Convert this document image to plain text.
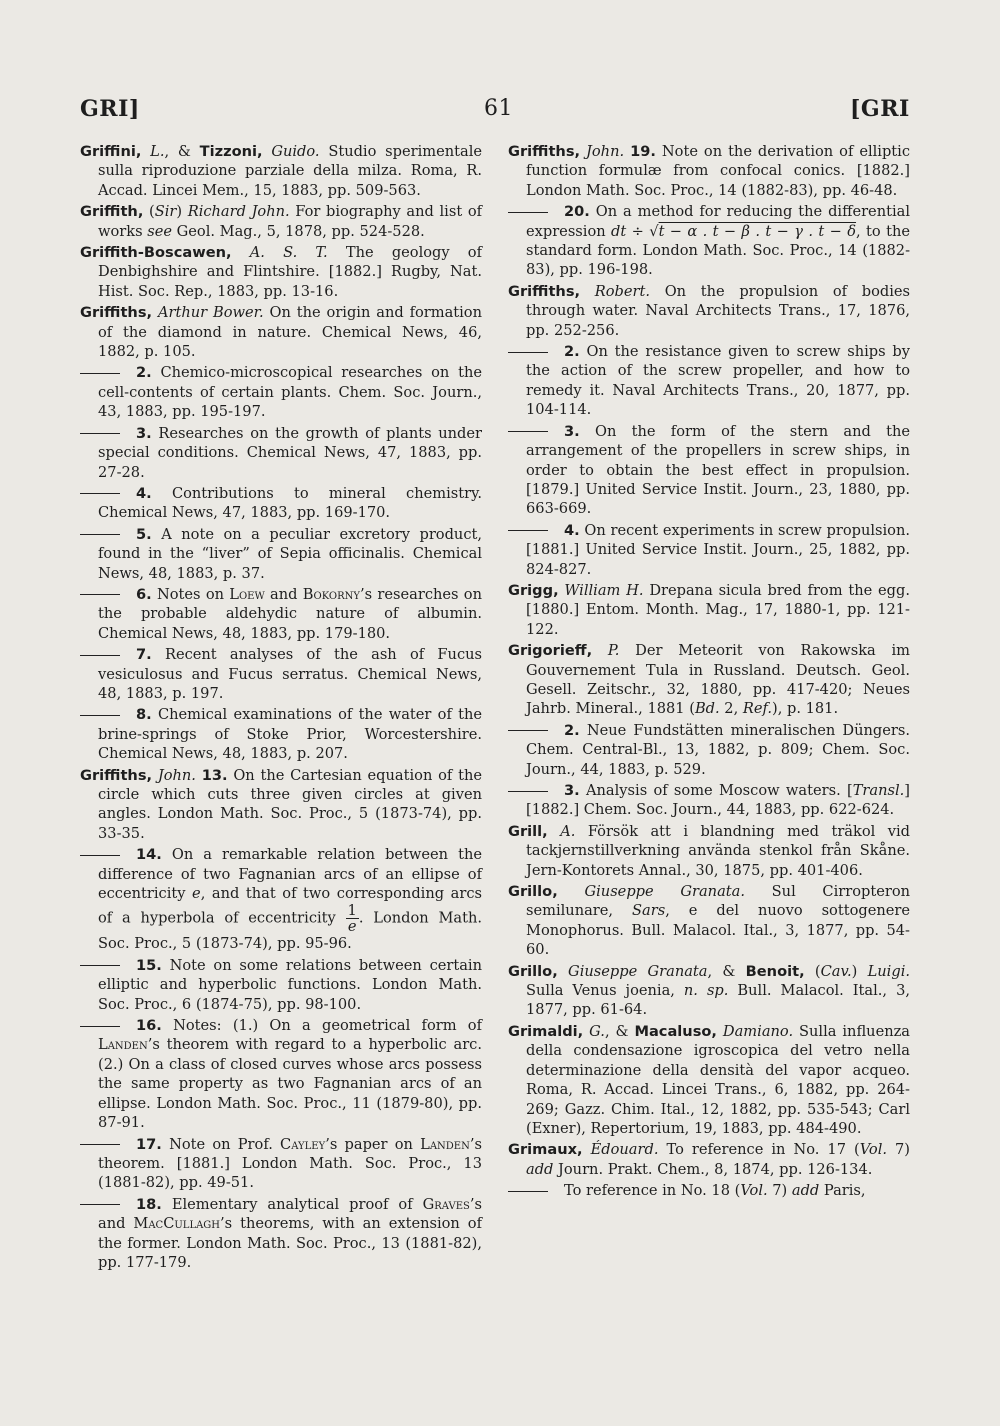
GRI]	61	[GRI

Griffini, L., & Tizzoni, Guido. Studio sperimentale sulla riproduzione parziale della milza. Roma, R. Accad. Lincei Mem., 15, 1883, pp. 509-563.

Griffith, (Sir) Richard John. For biography and list of works see Geol. Mag., 5, 1878, pp. 524-528.

Griffith-Boscawen, A. S. T. The geology of Denbighshire and Flintshire. [1882.] Rugby, Nat. Hist. Soc. Rep., 1883, pp. 13-16.

Griffiths, Arthur Bower. On the origin and formation of the diamond in nature. Chemical News, 46, 1882, p. 105.

2. Chemico-microscopical researches on the cell-contents of certain plants. Chem. Soc. Journ., 43, 1883, pp. 195-197.

3. Researches on the growth of plants under special conditions. Chemical News, 47, 1883, pp. 27-28.

4. Contributions to mineral chemistry. Chemical News, 47, 1883, pp. 169-170.

5. A note on a peculiar excretory product, found in the “liver” of Sepia officinalis. Chemical News, 48, 1883, p. 37.

6. Notes on Loew and Bokorny’s researches on the probable aldehydic nature of albumin. Chemical News, 48, 1883, pp. 179-180.

7. Recent analyses of the ash of Fucus vesiculosus and Fucus serratus. Chemical News, 48, 1883, p. 197.

8. Chemical examinations of the water of the brine-springs of Stoke Prior, Worcestershire. Chemical News, 48, 1883, p. 207.

Griffiths, John. 13. On the Cartesian equation of the circle which cuts three given circles at given angles. London Math. Soc. Proc., 5 (1873-74), pp. 33-35.

14. On a remarkable relation between the difference of two Fagnanian arcs of an ellipse of eccentricity e, and that of two corresponding arcs of a hyperbola of eccentricity $\frac{1}{e}$ . London Math. Soc. Proc., 5 (1873-74), pp. 95-96.

15. Note on some relations between certain elliptic and hyperbolic functions. London Math. Soc. Proc., 6 (1874-75), pp. 98-100.

16. Notes: (1.) On a geometrical form of Landen’s theorem with regard to a hyperbolic arc. (2.) On a class of closed curves whose arcs possess the same property as two Fagnanian arcs of an ellipse. London Math. Soc. Proc., 11 (1879-80), pp. 87-91.

17. Note on Prof. Cayley’s paper on Landen’s theorem. [1881.] London Math. Soc. Proc., 13 (1881-82), pp. 49-51.

18. Elementary analytical proof of Graves’s and MacCullagh’s theorems, with an extension of the former. London Math. Soc. Proc., 13 (1881-82), pp. 177-179.

Griffiths, John. 19. Note on the derivation of elliptic function formulæ from confocal conics. [1882.] London Math. Soc. Proc., 14 (1882-83), pp. 46-48.

20. On a method for reducing the differential expression dt ÷ √t − α . t − β . t − γ . t − δ, to the standard form. London Math. Soc. Proc., 14 (1882-83), pp. 196-198.

Griffiths, Robert. On the propulsion of bodies through water. Naval Architects Trans., 17, 1876, pp. 252-256.

2. On the resistance given to screw ships by the action of the screw propeller, and how to remedy it. Naval Architects Trans., 20, 1877, pp. 104-114.

3. On the form of the stern and the arrangement of the propellers in screw ships, in order to obtain the best effect in propulsion. [1879.] United Service Instit. Journ., 23, 1880, pp. 663-669.

4. On recent experiments in screw propulsion. [1881.] United Service Instit. Journ., 25, 1882, pp. 824-827.

Grigg, William H. Drepana sicula bred from the egg. [1880.] Entom. Month. Mag., 17, 1880-1, pp. 121-122.

Grigorieff, P. Der Meteorit von Rakowska im Gouvernement Tula in Russland. Deutsch. Geol. Gesell. Zeitschr., 32, 1880, pp. 417-420; Neues Jahrb. Mineral., 1881 (Bd. 2, Ref.), p. 181.

2. Neue Fundstätten mineralischen Düngers. Chem. Central-Bl., 13, 1882, p. 809; Chem. Soc. Journ., 44, 1883, p. 529.

3. Analysis of some Moscow waters. [Transl.] [1882.] Chem. Soc. Journ., 44, 1883, pp. 622-624.

Grill, A. Försök att i blandning med träkol vid tackjernstillverkning använda stenkol från Skåne. Jern-Kontorets Annal., 30, 1875, pp. 401-406.

Grillo, Giuseppe Granata. Sul Cirropteron semilunare, Sars, e del nuovo sottogenere Monophorus. Bull. Malacol. Ital., 3, 1877, pp. 54-60.

Grillo, Giuseppe Granata, & Benoit, (Cav.) Luigi. Sulla Venus joenia, n. sp. Bull. Malacol. Ital., 3, 1877, pp. 61-64.

Grimaldi, G., & Macaluso, Damiano. Sulla influenza della condensazione igroscopica del vetro nella determinazione della densità del vapor acqueo. Roma, R. Accad. Lincei Trans., 6, 1882, pp. 264-269; Gazz. Chim. Ital., 12, 1882, pp. 535-543; Carl (Exner), Repertorium, 19, 1883, pp. 484-490.

Grimaux, Édouard. To reference in No. 17 (Vol. 7) add Journ. Prakt. Chem., 8, 1874, pp. 126-134.

To reference in No. 18 (Vol. 7) add Paris,
